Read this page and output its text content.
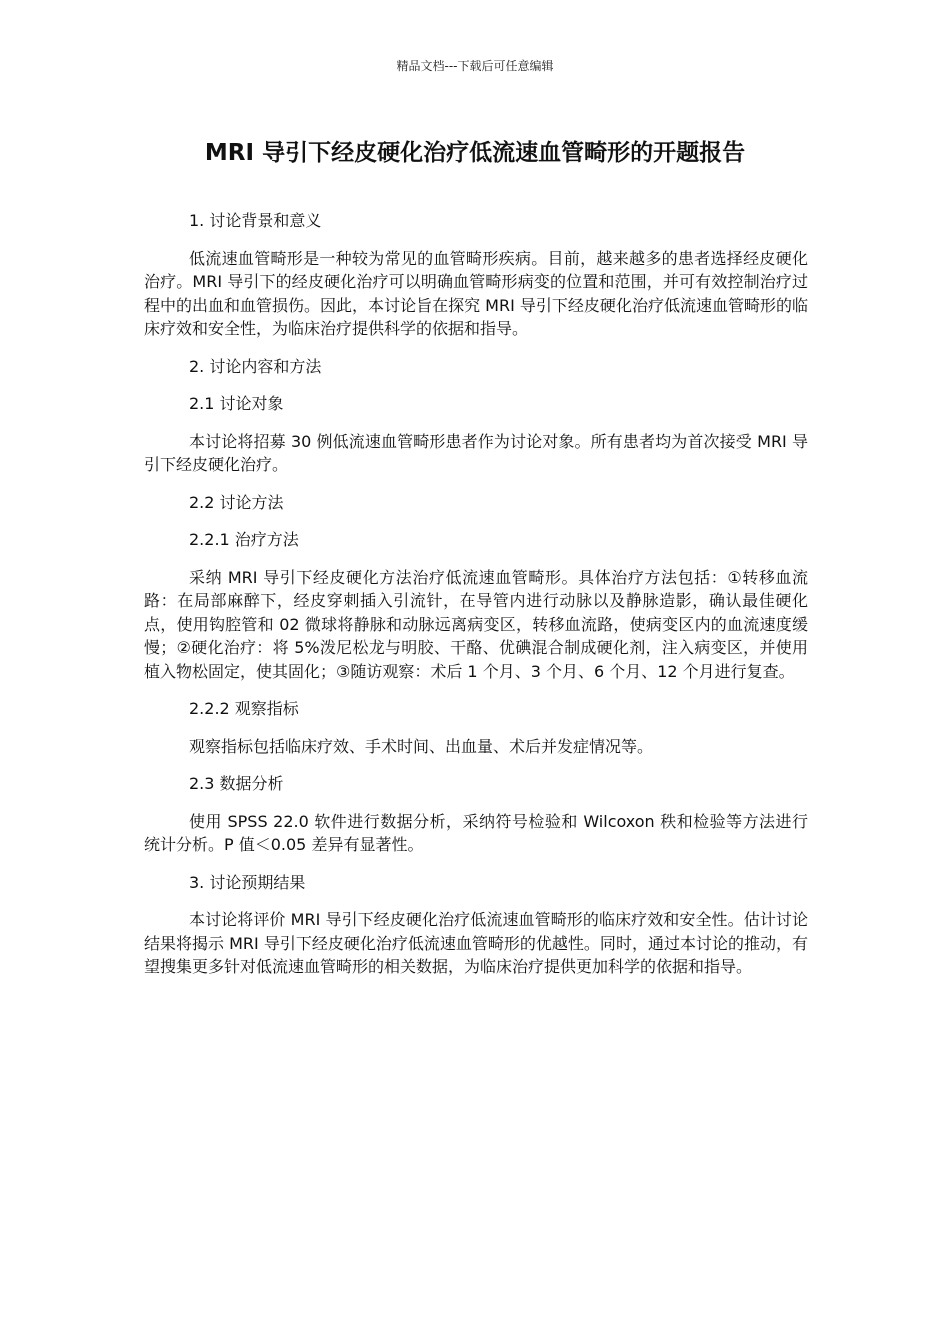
精品文档---下载后可任意编辑
MRI 导引下经皮硬化治疗低流速血管畸形的开题报告

1. 讨论背景和意义

低流速血管畸形是一种较为常见的血管畸形疾病。目前，越来越多的患者选择经皮硬化治疗。MRI 导引下的经皮硬化治疗可以明确血管畸形病变的位置和范围，并可有效控制治疗过程中的出血和血管损伤。因此，本讨论旨在探究 MRI 导引下经皮硬化治疗低流速血管畸形的临床疗效和安全性，为临床治疗提供科学的依据和指导。

2. 讨论内容和方法

2.1 讨论对象

本讨论将招募 30 例低流速血管畸形患者作为讨论对象。所有患者均为首次接受 MRI 导引下经皮硬化治疗。

2.2 讨论方法

2.2.1 治疗方法

采纳 MRI 导引下经皮硬化方法治疗低流速血管畸形。具体治疗方法包括：①转移血流路：在局部麻醉下，经皮穿刺插入引流针，在导管内进行动脉以及静脉造影，确认最佳硬化点，使用钩腔管和 02 微球将静脉和动脉远离病变区，转移血流路，使病变区内的血流速度缓慢；②硬化治疗：将 5%泼尼松龙与明胶、干酪、优碘混合制成硬化剂，注入病变区，并使用植入物松固定，使其固化；③随访观察：术后 1 个月、3 个月、6 个月、12 个月进行复查。

2.2.2 观察指标

观察指标包括临床疗效、手术时间、出血量、术后并发症情况等。

2.3 数据分析

使用 SPSS 22.0 软件进行数据分析，采纳符号检验和 Wilcoxon 秩和检验等方法进行统计分析。P 值＜0.05 差异有显著性。

3. 讨论预期结果

本讨论将评价 MRI 导引下经皮硬化治疗低流速血管畸形的临床疗效和安全性。估计讨论结果将揭示 MRI 导引下经皮硬化治疗低流速血管畸形的优越性。同时，通过本讨论的推动，有望搜集更多针对低流速血管畸形的相关数据，为临床治疗提供更加科学的依据和指导。
